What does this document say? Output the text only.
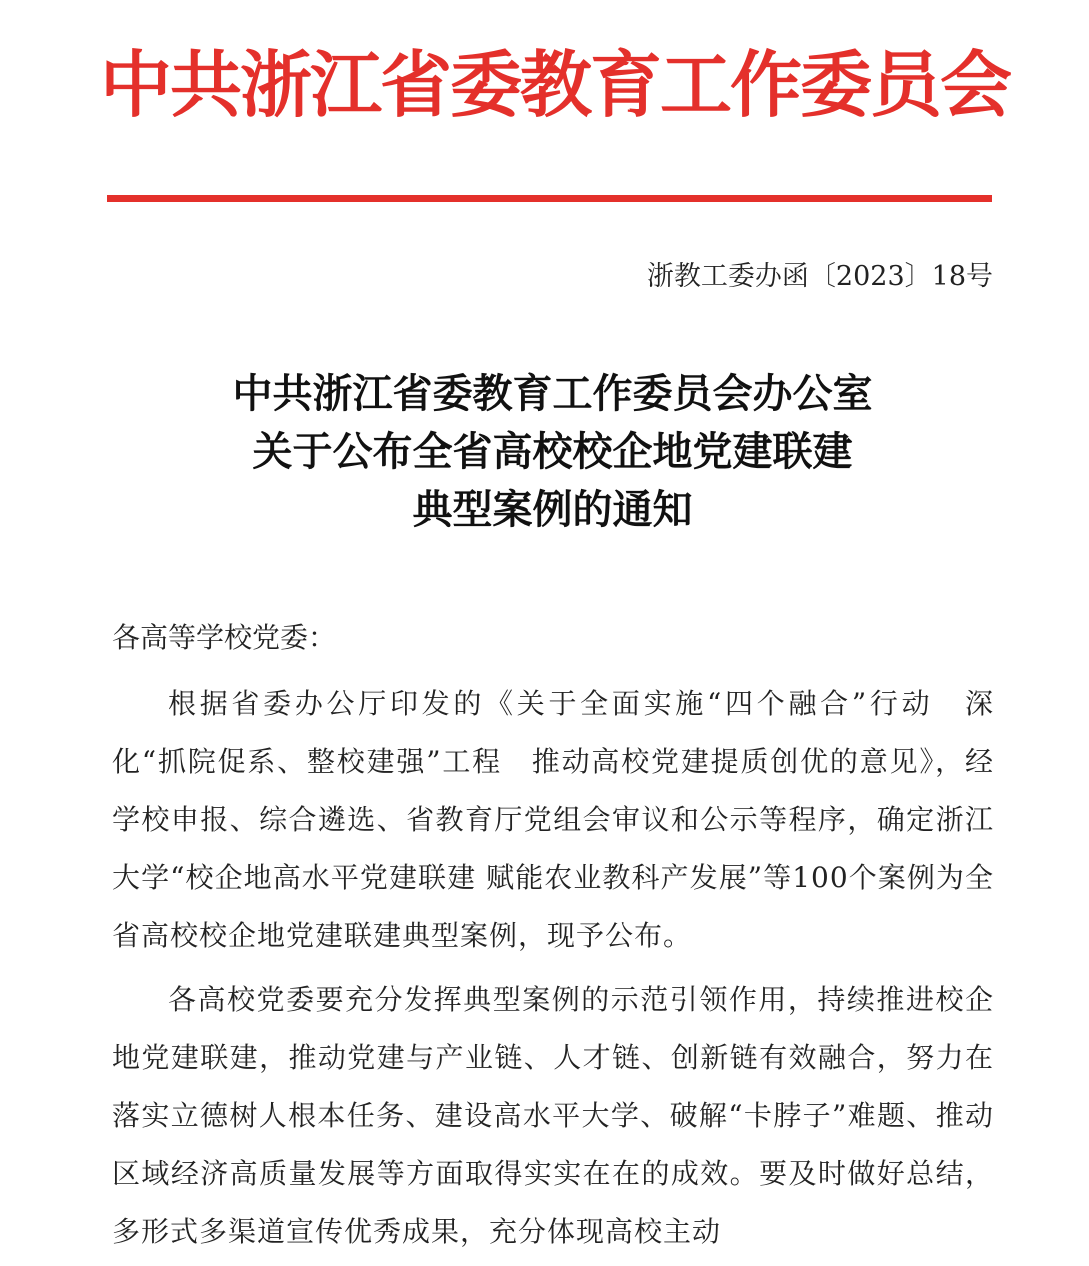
中共浙江省委教育工作委员会
浙教工委办函〔2023〕18号
中共浙江省委教育工作委员会办公室
关于公布全省高校校企地党建联建
典型案例的通知
各高等学校党委：
根据省委办公厅印发的《关于全面实施“四个融合”行动　深化“抓院促系、整校建强”工程　推动高校党建提质创优的意见》，经学校申报、综合遴选、省教育厅党组会审议和公示等程序，确定浙江大学“校企地高水平党建联建 赋能农业教科产发展”等100个案例为全省高校校企地党建联建典型案例，现予公布。
各高校党委要充分发挥典型案例的示范引领作用，持续推进校企地党建联建，推动党建与产业链、人才链、创新链有效融合，努力在落实立德树人根本任务、建设高水平大学、破解“卡脖子”难题、推动区域经济高质量发展等方面取得实实在在的成效。要及时做好总结，多形式多渠道宣传优秀成果，充分体现高校主动
